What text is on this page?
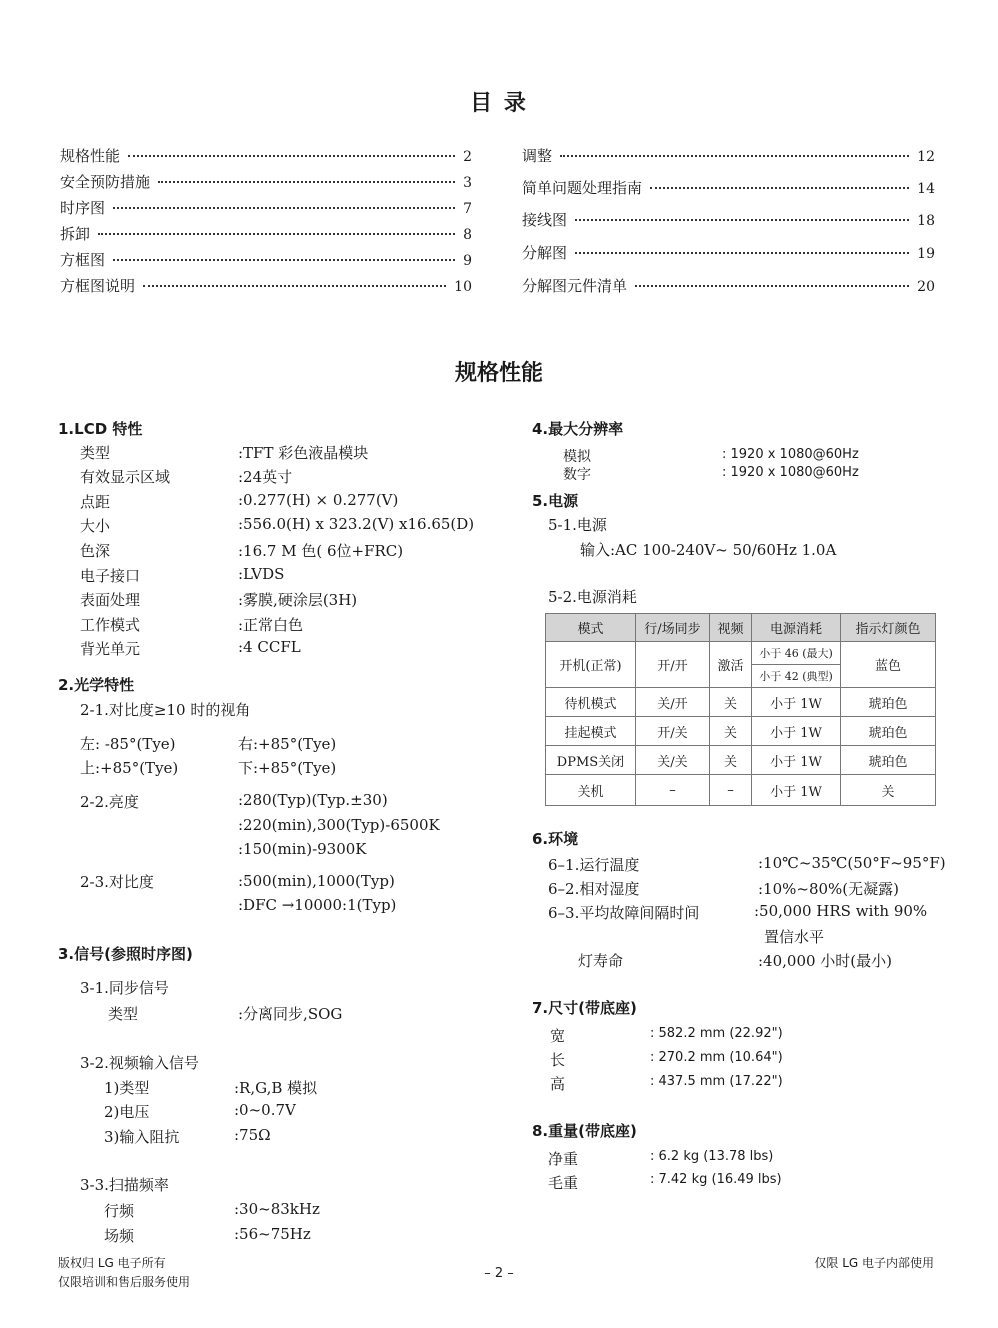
目 录
规格性能	2
安全预防措施	3
时序图	7
拆卸	8
方框图	9
方框图说明	10
调整	12
简单问题处理指南	14
接线图	18
分解图	19
分解图元件清单	20
规格性能
1.LCD 特性
类型	:TFT 彩色液晶模块
有效显示区域	:24英寸
点距	:0.277(H) × 0.277(V)
大小	:556.0(H) x 323.2(V) x16.65(D)
色深	:16.7 M 色( 6位+FRC)
电子接口	:LVDS
表面处理	:雾膜,硬涂层(3H)
工作模式	:正常白色
背光单元	:4 CCFL
2.光学特性
2-1.对比度≥10 时的视角
左: -85°(Tye)	右:+85°(Tye)
上:+85°(Tye)	下:+85°(Tye)
2-2.亮度	:280(Typ)(Typ.±30)
:220(min),300(Typ)-6500K
:150(min)-9300K
2-3.对比度	:500(min),1000(Typ)
:DFC →10000:1(Typ)
3.信号(参照时序图)
3-1.同步信号
类型	:分离同步,SOG
3-2.视频输入信号
1)类型	:R,G,B 模拟
2)电压	:0~0.7V
3)输入阻抗	:75Ω
3-3.扫描频率
行频	:30~83kHz
场频	:56~75Hz
4.最大分辨率
模拟	: 1920 x 1080@60Hz
数字	: 1920 x 1080@60Hz
5.电源
5-1.电源
输入:AC 100-240V~ 50/60Hz 1.0A
5-2.电源消耗
模式	行/场同步	视频	电源消耗	指示灯颜色
开机(正常)	开/开	激活	小于 46 (最大)	蓝色
			小于 42 (典型)	
待机模式	关/开	关	小于 1W	琥珀色
挂起模式	开/关	关	小于 1W	琥珀色
DPMS关闭	关/关	关	小于 1W	琥珀色
关机	–	–	小于 1W	关
6.环境
6–1.运行温度	:10℃~35℃(50°F~95°F)
6–2.相对湿度	:10%~80%(无凝露)
6–3.平均故障间隔时间	:50,000 HRS with 90%
置信水平
灯寿命	:40,000 小时(最小)
7.尺寸(带底座)
宽	: 582.2 mm (22.92")
长	: 270.2 mm (10.64")
高	: 437.5 mm (17.22")
8.重量(带底座)
净重	: 6.2 kg (13.78 lbs)
毛重	: 7.42 kg (16.49 lbs)
版权归 LG 电子所有
仅限培训和售后服务使用
– 2 –
仅限 LG 电子内部使用
